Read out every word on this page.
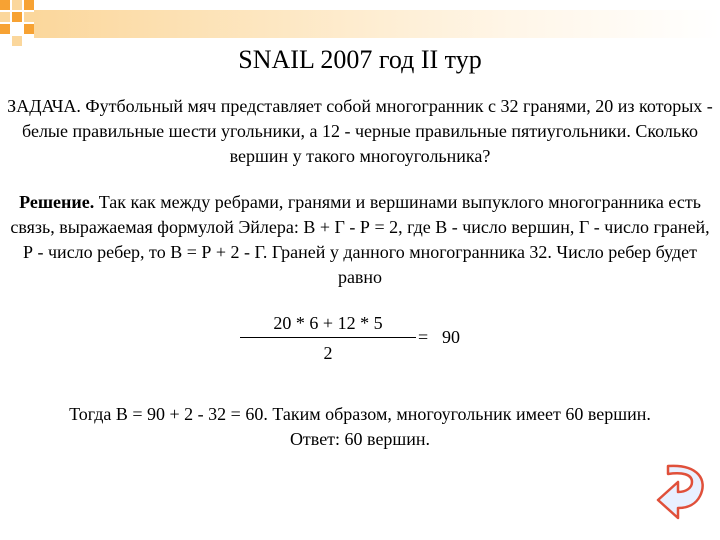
SNAIL 2007 год II тур
ЗАДАЧА. Футбольный мяч представляет собой многогранник с 32 гранями, 20 из которых - белые правильные шести угольники, а 12 - черные правильные пятиугольники. Сколько вершин у такого многоугольника?
Решение. Так как между ребрами, гранями и вершинами выпуклого многогранника есть связь, выражаемая формулой Эйлера: В + Г - Р = 2, где В - число вершин, Г - число граней, Р - число ребер, то В = Р + 2 - Г. Граней у данного многогранника 32. Число ребер будет равно
20 * 6 + 12 * 5
2
= 90
Тогда В = 90 + 2 - 32 = 60. Таким образом, многоугольник имеет 60 вершин.
Ответ: 60 вершин.
